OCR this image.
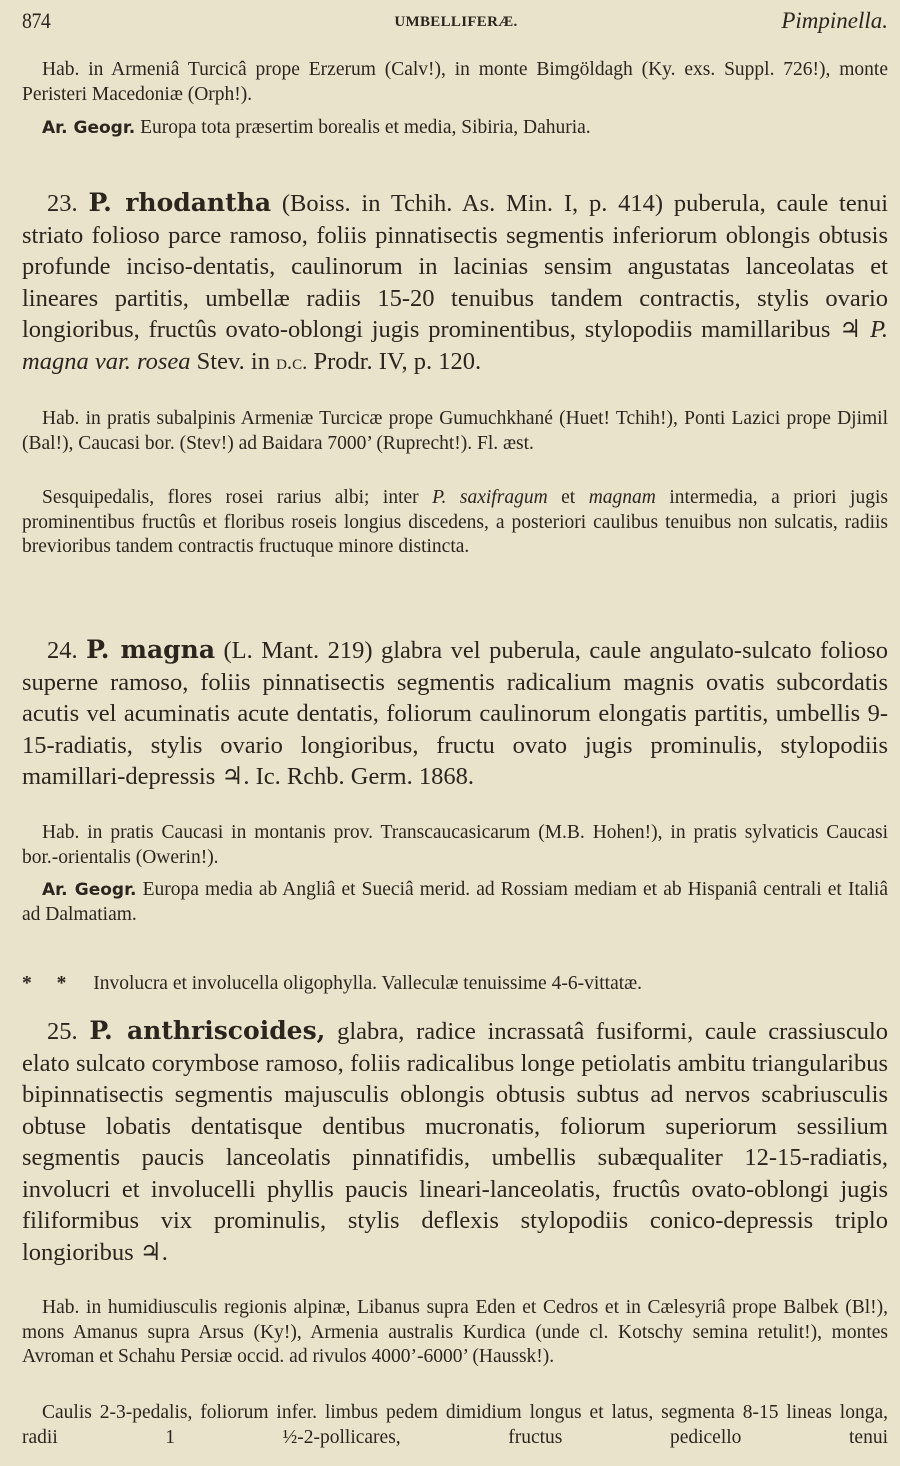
874	UMBELLIFERÆ.	Pimpinella.
Hab. in Armeniâ Turcicâ prope Erzerum (Calv!), in monte Bimgöldagh (Ky. exs. Suppl. 726!), monte Peristeri Macedoniæ (Orph!).
Ar. Geogr. Europa tota præsertim borealis et media, Sibiria, Dahuria.
23. P. rhodantha (Boiss. in Tchih. As. Min. I, p. 414) puberula, caule tenui striato folioso parce ramoso, foliis pinnatisectis segmentis inferiorum oblongis obtusis profunde inciso-dentatis, caulinorum in lacinias sensim angustatas lanceolatas et lineares partitis, umbellæ radiis 15-20 tenuibus tandem contractis, stylis ovario longioribus, fructûs ovato-oblongi jugis prominentibus, stylopodiis mamillaribus ♃ P. magna var. rosea Stev. in d.c. Prodr. IV, p. 120.
Hab. in pratis subalpinis Armeniæ Turcicæ prope Gumuchkhané (Huet! Tchih!), Ponti Lazici prope Djimil (Bal!), Caucasi bor. (Stev!) ad Baidara 7000’ (Ruprecht!). Fl. æst.
Sesquipedalis, flores rosei rarius albi; inter P. saxifragum et magnam intermedia, a priori jugis prominentibus fructûs et floribus roseis longius discedens, a posteriori caulibus tenuibus non sulcatis, radiis brevioribus tandem contractis fructuque minore distincta.
24. P. magna (L. Mant. 219) glabra vel puberula, caule angulato-sulcato folioso superne ramoso, foliis pinnatisectis segmentis radicalium magnis ovatis subcordatis acutis vel acuminatis acute dentatis, foliorum caulinorum elongatis partitis, umbellis 9-15-radiatis, stylis ovario longioribus, fructu ovato jugis prominulis, stylopodiis mamillari-depressis ♃. Ic. Rchb. Germ. 1868.
Hab. in pratis Caucasi in montanis prov. Transcaucasicarum (M.B. Hohen!), in pratis sylvaticis Caucasi bor.-orientalis (Owerin!).
Ar. Geogr. Europa media ab Angliâ et Sueciâ merid. ad Rossiam mediam et ab Hispaniâ centrali et Italiâ ad Dalmatiam.
* * Involucra et involucella oligophylla. Valleculæ tenuissime 4-6-vittatæ.
25. P. anthriscoides, glabra, radice incrassatâ fusiformi, caule crassiusculo elato sulcato corymbose ramoso, foliis radicalibus longe petiolatis ambitu triangularibus bipinnatisectis segmentis majusculis oblongis obtusis subtus ad nervos scabriusculis obtuse lobatis dentatisque dentibus mucronatis, foliorum superiorum sessilium segmentis paucis lanceolatis pinnatifidis, umbellis subæqualiter 12-15-radiatis, involucri et involucelli phyllis paucis lineari-lanceolatis, fructûs ovato-oblongi jugis filiformibus vix prominulis, stylis deflexis stylopodiis conico-depressis triplo longioribus ♃.
Hab. in humidiusculis regionis alpinæ, Libanus supra Eden et Cedros et in Cælesyriâ prope Balbek (Bl!), mons Amanus supra Arsus (Ky!), Armenia australis Kurdica (unde cl. Kotschy semina retulit!), montes Avroman et Schahu Persiæ occid. ad rivulos 4000’-6000’ (Haussk!).
Caulis 2-3-pedalis, foliorum infer. limbus pedem dimidium longus et latus, segmenta 8-15 lineas longa, radii 1 ½-2-pollicares, fructus pedicello tenui
